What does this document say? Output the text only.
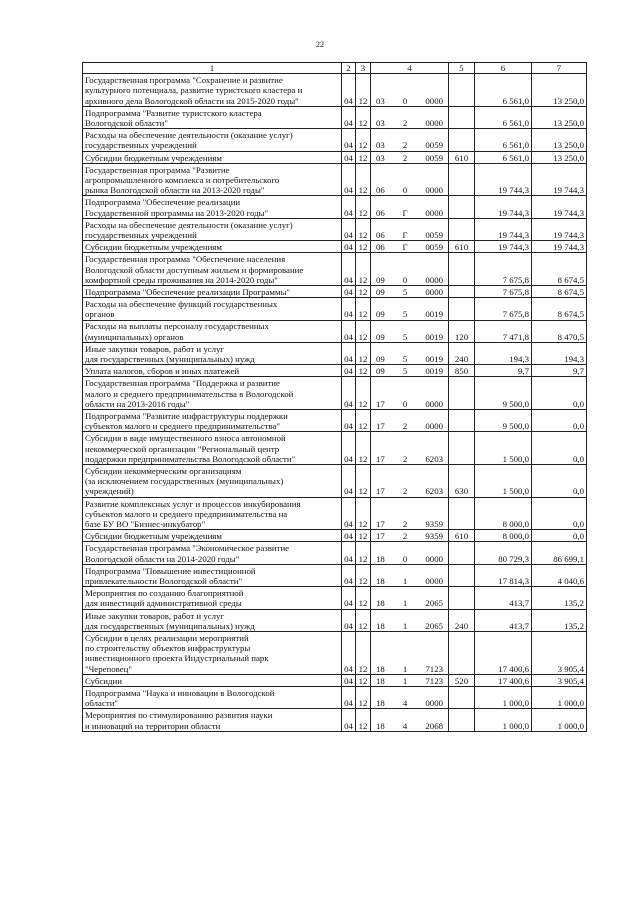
22
1	2	3	4	5	6	7
Государственная программа "Сохранение и развитие
культурного потенциала, развитие туристского кластера и
архивного дела Вологодской области на 2015-2020 годы"	04	12	03 0 0000		6 561,0	13 250,0
Подпрограмма "Развитие туристского кластера
Вологодской области"	04	12	03 2 0000		6 561,0	13 250,0
Расходы на обеспечение деятельности (оказание услуг)
государственных учреждений	04	12	03 2 0059		6 561,0	13 250,0
Субсидии бюджетным учреждениям	04	12	03 2 0059	610	6 561,0	13 250,0
Государственная программа "Развитие
агропромышленного комплекса и потребительского
рынка Вологодской области на 2013-2020 годы"	04	12	06 0 0000		19 744,3	19 744,3
Подпрограмма "Обеспечение реализации
Государственной программы на 2013-2020 годы"	04	12	06 Г 0000		19 744,3	19 744,3
Расходы на обеспечение деятельности (оказание услуг)
государственных учреждений	04	12	06 Г 0059		19 744,3	19 744,3
Субсидии бюджетным учреждениям	04	12	06 Г 0059	610	19 744,3	19 744,3
Государственная программа "Обеспечение населения
Вологодской области доступным жильем и формирование
комфортной среды проживания на 2014-2020 годы"	04	12	09 0 0000		7 675,8	8 674,5
Подпрограмма "Обеспечение реализации Программы"	04	12	09 5 0000		7 675,8	8 674,5
Расходы на обеспечение функций государственных
органов	04	12	09 5 0019		7 675,8	8 674,5
Расходы на выплаты персоналу государственных
(муниципальных) органов	04	12	09 5 0019	120	7 471,8	8 470,5
Иные закупки товаров, работ и услуг
для государственных (муниципальных) нужд	04	12	09 5 0019	240	194,3	194,3
Уплата налогов, сборов и иных платежей	04	12	09 5 0019	850	9,7	9,7
Государственная программа "Поддержка и развитие
малого и среднего предпринимательства в Вологодской
области на 2013-2016 годы"	04	12	17 0 0000		9 500,0	0,0
Подпрограмма "Развитие инфраструктуры поддержки
субъектов малого и среднего предпринимательства"	04	12	17 2 0000		9 500,0	0,0
Субсидия в виде имущественного взноса автономной
некоммерческой организации "Региональный центр
поддержки предпринимательства Вологодской области"	04	12	17 2 6203		1 500,0	0,0
Субсидии некоммерческим организациям
(за исключением государственных (муниципальных)
учреждений)	04	12	17 2 6203	630	1 500,0	0,0
Развитие комплексных услуг и процессов инкубирования
субъектов малого и среднего предпринимательства на
базе БУ ВО "Бизнес-инкубатор"	04	12	17 2 9359		8 000,0	0,0
Субсидии бюджетным учреждениям	04	12	17 2 9359	610	8 000,0	0,0
Государственная программа "Экономическое развитие
Вологодской области на 2014-2020 годы"	04	12	18 0 0000		80 729,3	86 699,1
Подпрограмма "Повышение инвестиционной
привлекательности Вологодской области"	04	12	18 1 0000		17 814,3	4 040,6
Мероприятия по созданию благоприятной
для инвестиций административной среды	04	12	18 1 2065		413,7	135,2
Иные закупки товаров, работ и услуг
для государственных (муниципальных) нужд	04	12	18 1 2065	240	413,7	135,2
Субсидии в целях реализации мероприятий
по строительству объектов инфраструктуры
инвестиционного проекта Индустриальный парк
"Череповец"	04	12	18 1 7123		17 400,6	3 905,4
Субсидии	04	12	18 1 7123	520	17 400,6	3 905,4
Подпрограмма "Наука и инновации в Вологодской
области"	04	12	18 4 0000		1 000,0	1 000,0
Мероприятия по стимулированию развития науки
и инноваций на территории области	04	12	18 4 2068		1 000,0	1 000,0
